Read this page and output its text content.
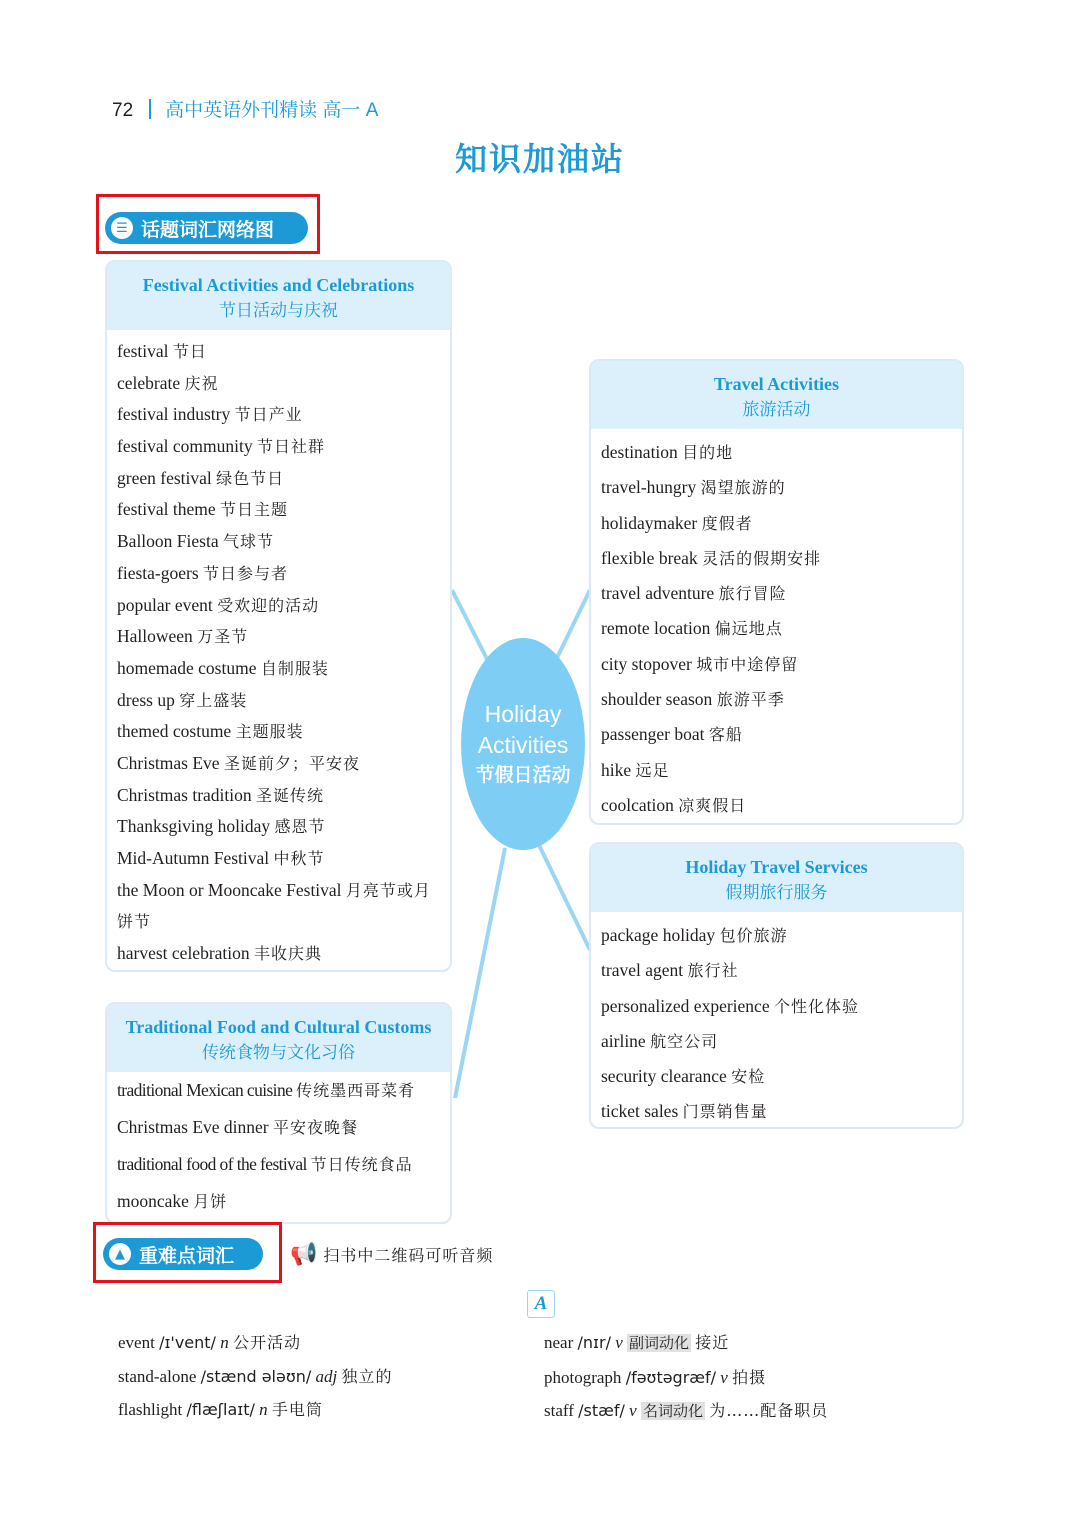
72 高中英语外刊精读 高一 A
知识加油站
☰ 话题词汇网络图
Festival Activities and Celebrations
节日活动与庆祝
festival 节日
celebrate 庆祝
festival industry 节日产业
festival community 节日社群
green festival 绿色节日
festival theme 节日主题
Balloon Fiesta 气球节
fiesta-goers 节日参与者
popular event 受欢迎的活动
Halloween 万圣节
homemade costume 自制服装
dress up 穿上盛装
themed costume 主题服装
Christmas Eve 圣诞前夕；平安夜
Christmas tradition 圣诞传统
Thanksgiving holiday 感恩节
Mid-Autumn Festival 中秋节
the Moon or Mooncake Festival 月亮节或月饼节
harvest celebration 丰收庆典
Travel Activities
旅游活动
destination 目的地
travel-hungry 渴望旅游的
holidaymaker 度假者
flexible break 灵活的假期安排
travel adventure 旅行冒险
remote location 偏远地点
city stopover 城市中途停留
shoulder season 旅游平季
passenger boat 客船
hike 远足
coolcation 凉爽假日
Holiday Travel Services
假期旅行服务
package holiday 包价旅游
travel agent 旅行社
personalized experience 个性化体验
airline 航空公司
security clearance 安检
ticket sales 门票销售量
Traditional Food and Cultural Customs
传统食物与文化习俗
traditional Mexican cuisine 传统墨西哥菜肴
Christmas Eve dinner 平安夜晚餐
traditional food of the festival 节日传统食品
mooncake 月饼
Holiday
Activities
节假日活动
▲ 重难点词汇	📢 扫书中二维码可听音频
A
event /ɪ'vent/ n 公开活动
stand-alone /stænd ələʊn/ adj 独立的
flashlight /flæʃlaɪt/ n 手电筒
near /nɪr/ v 副词动化 接近
photograph /fəʊtəgræf/ v 拍摄
staff /stæf/ v 名词动化 为……配备职员
